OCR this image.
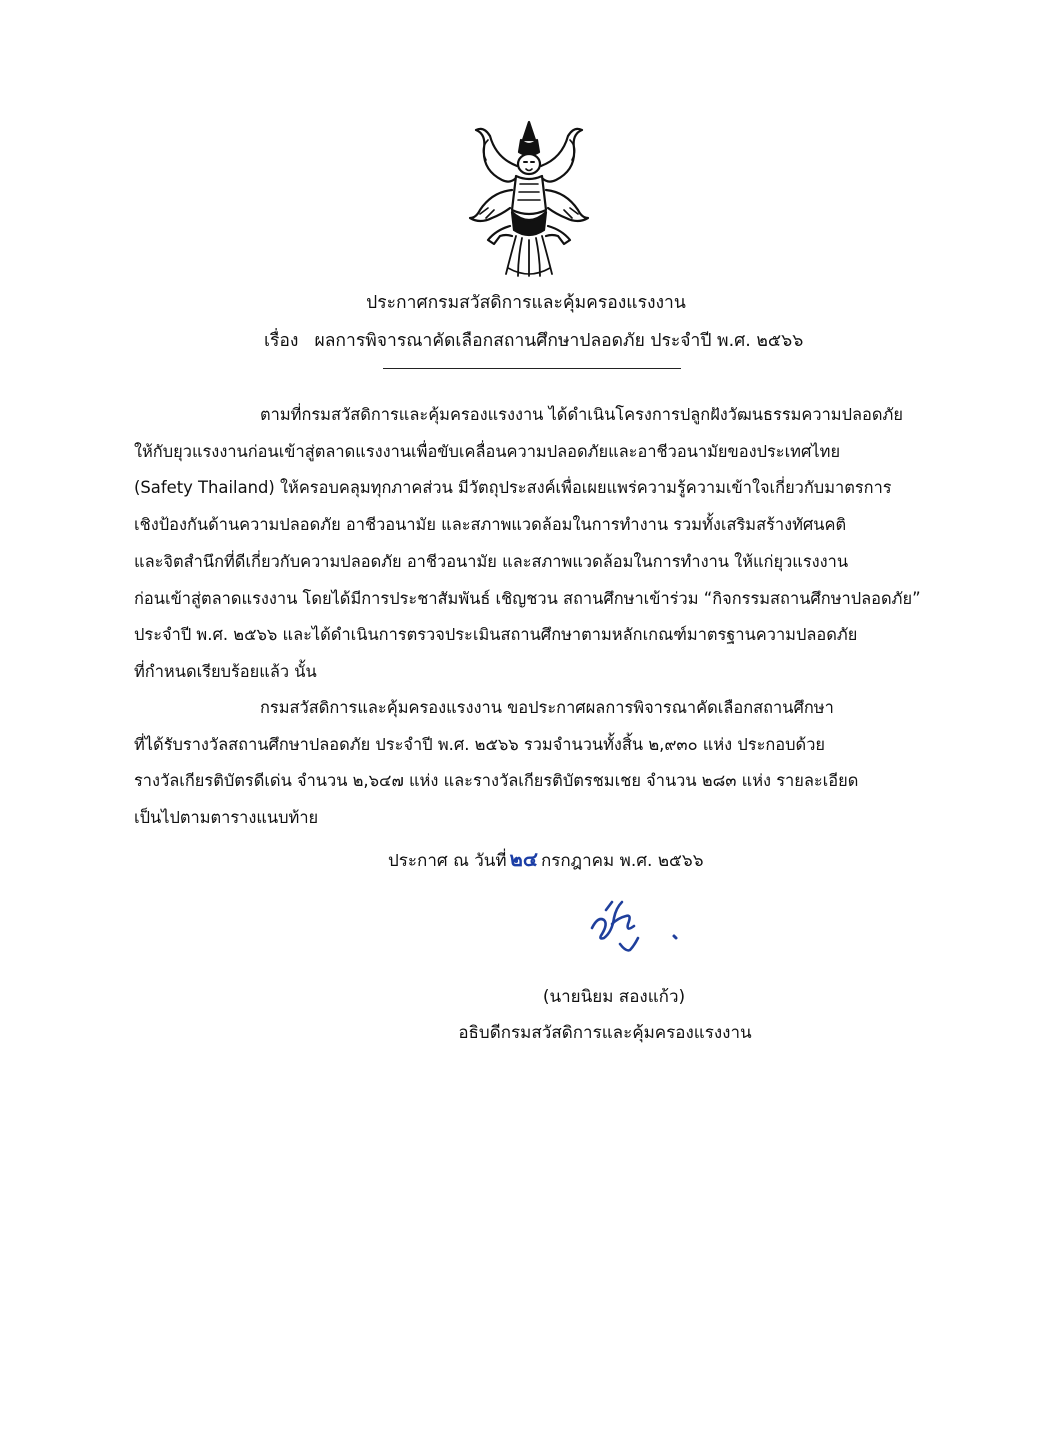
ประกาศกรมสวัสดิการและคุ้มครองแรงงาน
เรื่อง ผลการพิจารณาคัดเลือกสถานศึกษาปลอดภัย ประจำปี พ.ศ. ๒๕๖๖
ตามที่กรมสวัสดิการและคุ้มครองแรงงาน ได้ดำเนินโครงการปลูกฝังวัฒนธรรมความปลอดภัย
ให้กับยุวแรงงานก่อนเข้าสู่ตลาดแรงงานเพื่อขับเคลื่อนความปลอดภัยและอาชีวอนามัยของประเทศไทย
(Safety Thailand) ให้ครอบคลุมทุกภาคส่วน มีวัตถุประสงค์เพื่อเผยแพร่ความรู้ความเข้าใจเกี่ยวกับมาตรการ
เชิงป้องกันด้านความปลอดภัย อาชีวอนามัย และสภาพแวดล้อมในการทำงาน รวมทั้งเสริมสร้างทัศนคติ
และจิตสำนึกที่ดีเกี่ยวกับความปลอดภัย อาชีวอนามัย และสภาพแวดล้อมในการทำงาน ให้แก่ยุวแรงงาน
ก่อนเข้าสู่ตลาดแรงงาน โดยได้มีการประชาสัมพันธ์ เชิญชวน สถานศึกษาเข้าร่วม “กิจกรรมสถานศึกษาปลอดภัย”
ประจำปี พ.ศ. ๒๕๖๖ และได้ดำเนินการตรวจประเมินสถานศึกษาตามหลักเกณฑ์มาตรฐานความปลอดภัย
ที่กำหนดเรียบร้อยแล้ว นั้น
กรมสวัสดิการและคุ้มครองแรงงาน ขอประกาศผลการพิจารณาคัดเลือกสถานศึกษา
ที่ได้รับรางวัลสถานศึกษาปลอดภัย ประจำปี พ.ศ. ๒๕๖๖ รวมจำนวนทั้งสิ้น ๒,๙๓๐ แห่ง ประกอบด้วย
รางวัลเกียรติบัตรดีเด่น จำนวน ๒,๖๔๗ แห่ง และรางวัลเกียรติบัตรชมเชย จำนวน ๒๘๓ แห่ง รายละเอียด
เป็นไปตามตารางแนบท้าย
ประกาศ ณ วันที่ ๒๔ กรกฎาคม พ.ศ. ๒๕๖๖
(นายนิยม สองแก้ว)
อธิบดีกรมสวัสดิการและคุ้มครองแรงงาน
